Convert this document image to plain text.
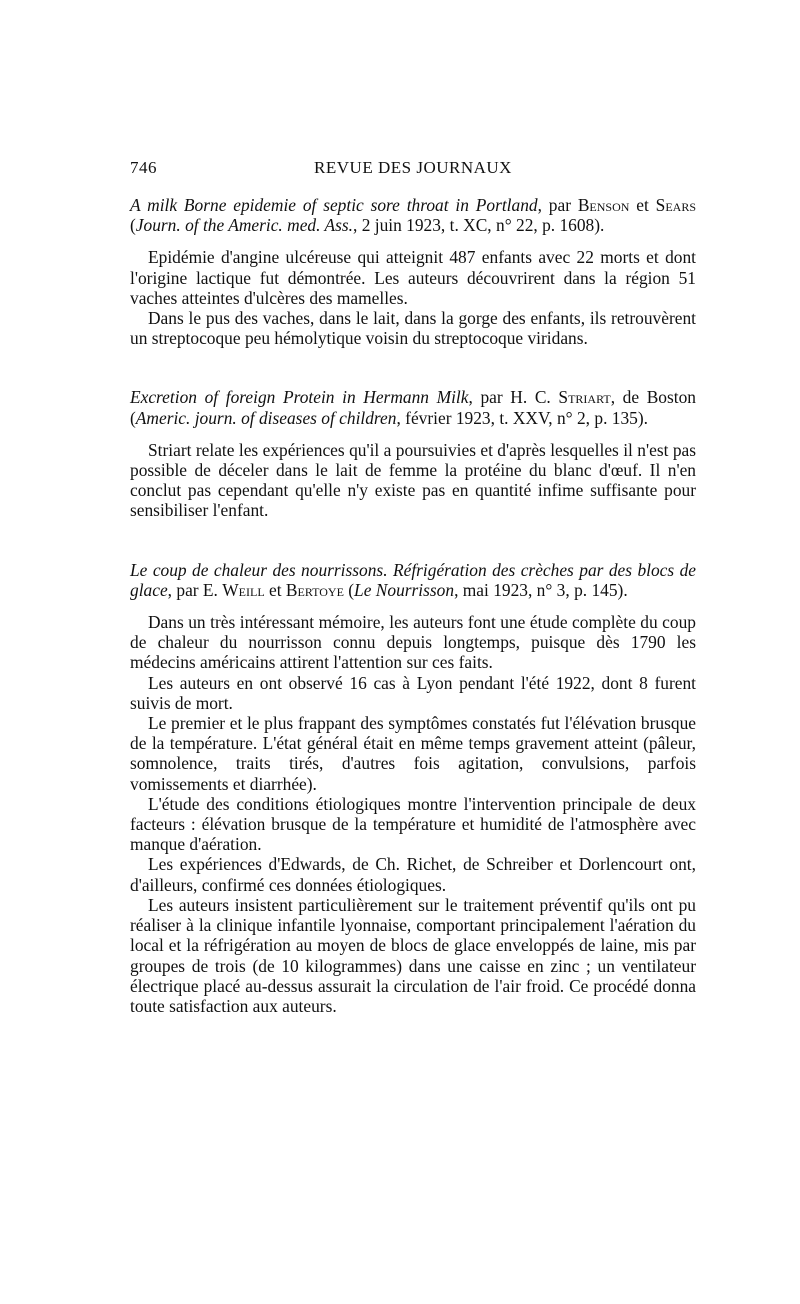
746	REVUE DES JOURNAUX

A milk Borne epidemie of septic sore throat in Portland, par Benson et Sears (Journ. of the Americ. med. Ass., 2 juin 1923, t. XC, n° 22, p. 1608).

Epidémie d'angine ulcéreuse qui atteignit 487 enfants avec 22 morts et dont l'origine lactique fut démontrée. Les auteurs découvrirent dans la région 51 vaches atteintes d'ulcères des mamelles.

Dans le pus des vaches, dans le lait, dans la gorge des enfants, ils retrouvèrent un streptocoque peu hémolytique voisin du streptocoque viridans.

Excretion of foreign Protein in Hermann Milk, par H. C. Striart, de Boston (Americ. journ. of diseases of children, février 1923, t. XXV, n° 2, p. 135).

Striart relate les expériences qu'il a poursuivies et d'après lesquelles il n'est pas possible de déceler dans le lait de femme la protéine du blanc d'œuf. Il n'en conclut pas cependant qu'elle n'y existe pas en quantité infime suffisante pour sensibiliser l'enfant.

Le coup de chaleur des nourrissons. Réfrigération des crèches par des blocs de glace, par E. Weill et Bertoye (Le Nourrisson, mai 1923, n° 3, p. 145).

Dans un très intéressant mémoire, les auteurs font une étude complète du coup de chaleur du nourrisson connu depuis longtemps, puisque dès 1790 les médecins américains attirent l'attention sur ces faits.

Les auteurs en ont observé 16 cas à Lyon pendant l'été 1922, dont 8 furent suivis de mort.

Le premier et le plus frappant des symptômes constatés fut l'élévation brusque de la température. L'état général était en même temps gravement atteint (pâleur, somnolence, traits tirés, d'autres fois agitation, convulsions, parfois vomissements et diarrhée).

L'étude des conditions étiologiques montre l'intervention principale de deux facteurs : élévation brusque de la température et humidité de l'atmosphère avec manque d'aération.

Les expériences d'Edwards, de Ch. Richet, de Schreiber et Dorlencourt ont, d'ailleurs, confirmé ces données étiologiques.

Les auteurs insistent particulièrement sur le traitement préventif qu'ils ont pu réaliser à la clinique infantile lyonnaise, comportant principalement l'aération du local et la réfrigération au moyen de blocs de glace enveloppés de laine, mis par groupes de trois (de 10 kilogrammes) dans une caisse en zinc ; un ventilateur électrique placé au-dessus assurait la circulation de l'air froid. Ce procédé donna toute satisfaction aux auteurs.
